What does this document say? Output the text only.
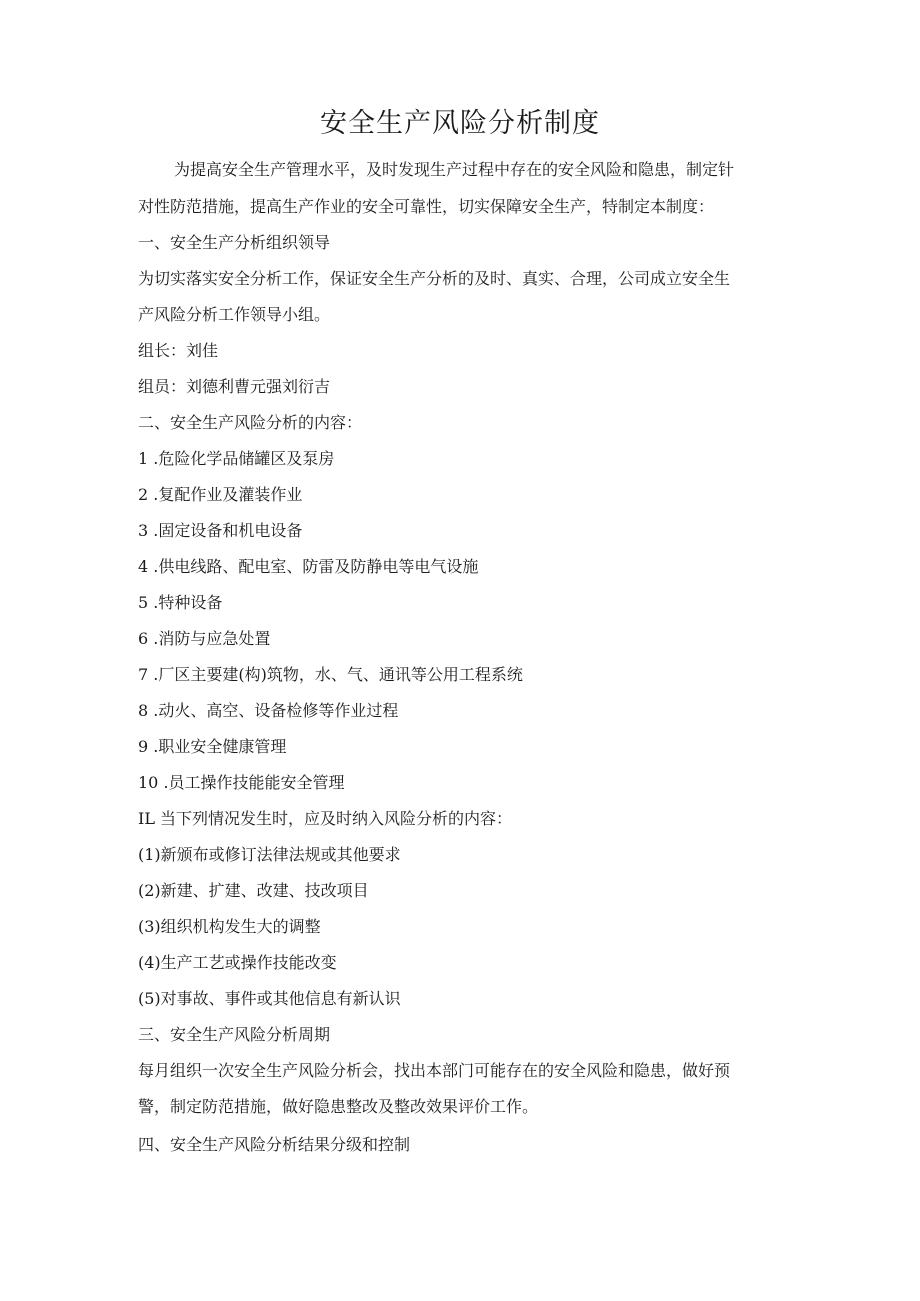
安全生产风险分析制度
为提高安全生产管理水平，及时发现生产过程中存在的安全风险和隐患，制定针
对性防范措施，提高生产作业的安全可靠性，切实保障安全生产，特制定本制度：
一、安全生产分析组织领导
为切实落实安全分析工作，保证安全生产分析的及时、真实、合理，公司成立安全生
产风险分析工作领导小组。
组长：刘佳
组员：刘德利曹元强刘衍吉
二、安全生产风险分析的内容：
1 .危险化学品储罐区及泵房
2 .复配作业及灌装作业
3 .固定设备和机电设备
4 .供电线路、配电室、防雷及防静电等电气设施
5 .特种设备
6 .消防与应急处置
7 .厂区主要建(构)筑物，水、气、通讯等公用工程系统
8 .动火、高空、设备检修等作业过程
9 .职业安全健康管理
10 .员工操作技能能安全管理
IL 当下列情况发生时，应及时纳入风险分析的内容：
(1)新颁布或修订法律法规或其他要求
(2)新建、扩建、改建、技改项目
(3)组织机构发生大的调整
(4)生产工艺或操作技能改变
(5)对事故、事件或其他信息有新认识
三、安全生产风险分析周期
每月组织一次安全生产风险分析会，找出本部门可能存在的安全风险和隐患，做好预
警，制定防范措施，做好隐患整改及整改效果评价工作。
四、安全生产风险分析结果分级和控制
